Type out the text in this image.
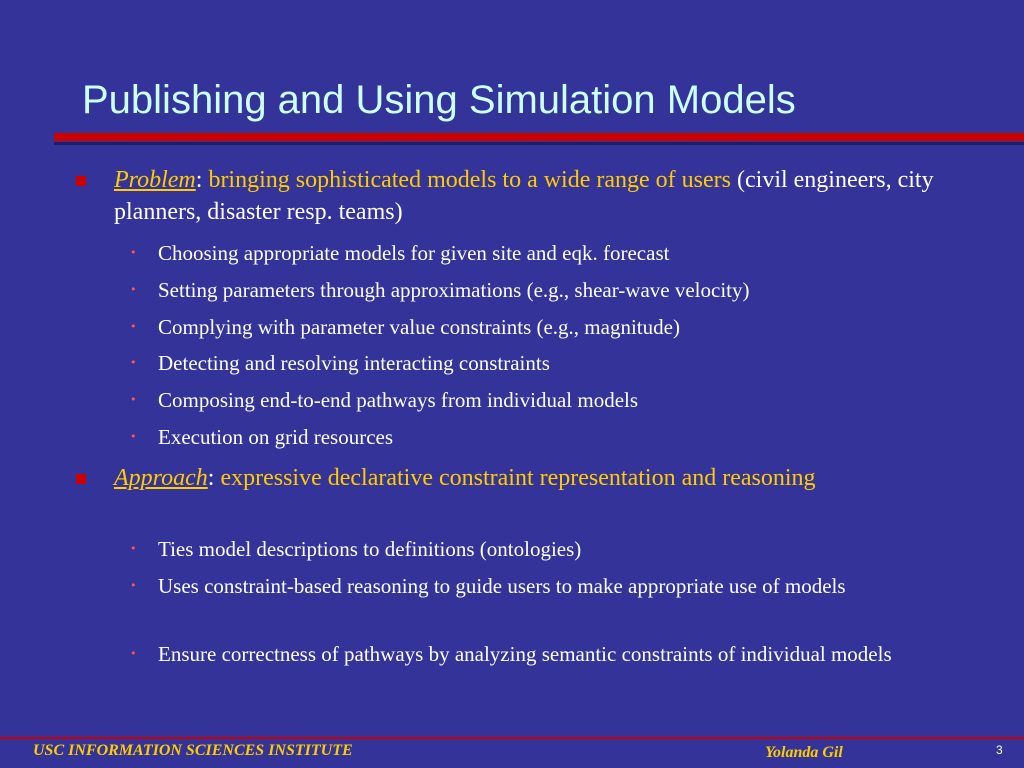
Publishing and Using Simulation Models
Problem: bringing sophisticated models to a wide range of users (civil engineers, city planners, disaster resp. teams)
• Choosing appropriate models for given site and eqk. forecast
• Setting parameters through approximations (e.g., shear-wave velocity)
• Complying with parameter value constraints (e.g., magnitude)
• Detecting and resolving interacting constraints
• Composing end-to-end pathways from individual models
• Execution on grid resources
Approach: expressive declarative constraint representation and reasoning
• Ties model descriptions to definitions (ontologies)
• Uses constraint-based reasoning to guide users to make appropriate use of models
• Ensure correctness of pathways by analyzing semantic constraints of individual models
USC INFORMATION SCIENCES INSTITUTE	Yolanda Gil	3
